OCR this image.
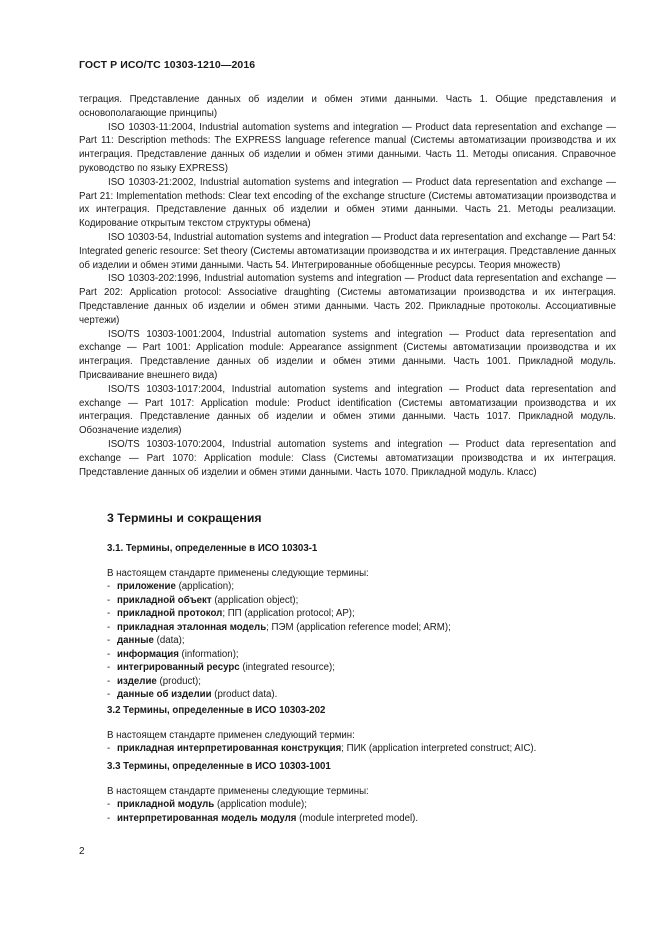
ГОСТ Р ИСО/ТС 10303-1210—2016

теграция. Представление данных об изделии и обмен этими данными. Часть 1. Общие представления и основополагающие принципы)

ISO 10303-11:2004, Industrial automation systems and integration — Product data representation and exchange — Part 11: Description methods: The EXPRESS language reference manual (Системы автоматизации производства и их интеграция. Представление данных об изделии и обмен этими данными. Часть 11. Методы описания. Справочное руководство по языку EXPRESS)

ISO 10303-21:2002, Industrial automation systems and integration — Product data representation and exchange — Part 21: Implementation methods: Clear text encoding of the exchange structure (Системы автоматизации производства и их интеграция. Представление данных об изделии и обмен этими данными. Часть 21. Методы реализации. Кодирование открытым текстом структуры обмена)

ISO 10303-54, Industrial automation systems and integration — Product data representation and exchange — Part 54: Integrated generic resource: Set theory (Системы автоматизации производства и их интеграция. Представление данных об изделии и обмен этими данными. Часть 54. Интегрированные обобщенные ресурсы. Теория множеств)

ISO 10303-202:1996, Industrial automation systems and integration — Product data representation and exchange — Part 202: Application protocol: Associative draughting (Системы автоматизации производства и их интеграция. Представление данных об изделии и обмен этими данными. Часть 202. Прикладные протоколы. Ассоциативные чертежи)

ISO/TS 10303-1001:2004, Industrial automation systems and integration — Product data representation and exchange — Part 1001: Application module: Appearance assignment (Системы автоматизации производства и их интеграция. Представление данных об изделии и обмен этими данными. Часть 1001. Прикладной модуль. Присваивание внешнего вида)

ISO/TS 10303-1017:2004, Industrial automation systems and integration — Product data representation and exchange — Part 1017: Application module: Product identification (Системы автоматизации производства и их интеграция. Представление данных об изделии и обмен этими данными. Часть 1017. Прикладной модуль. Обозначение изделия)

ISO/TS 10303-1070:2004, Industrial automation systems and integration — Product data representation and exchange — Part 1070: Application module: Class (Системы автоматизации производства и их интеграция. Представление данных об изделии и обмен этими данными. Часть 1070. Прикладной модуль. Класс)

3 Термины и сокращения

3.1. Термины, определенные в ИСО 10303-1

В настоящем стандарте применены следующие термины:

- приложение (application);
- прикладной объект (application object);
- прикладной протокол; ПП (application protocol; AP);
- прикладная эталонная модель; ПЭМ (application reference model; ARM);
- данные (data);
- информация (information);
- интегрированный ресурс (integrated resource);
- изделие (product);
- данные об изделии (product data).

3.2 Термины, определенные в ИСО 10303-202

В настоящем стандарте применен следующий термин:

- прикладная интерпретированная конструкция; ПИК (application interpreted construct; AIC).

3.3 Термины, определенные в ИСО 10303-1001

В настоящем стандарте применены следующие термины:

- прикладной модуль (application module);
- интерпретированная модель модуля (module interpreted model).
2
